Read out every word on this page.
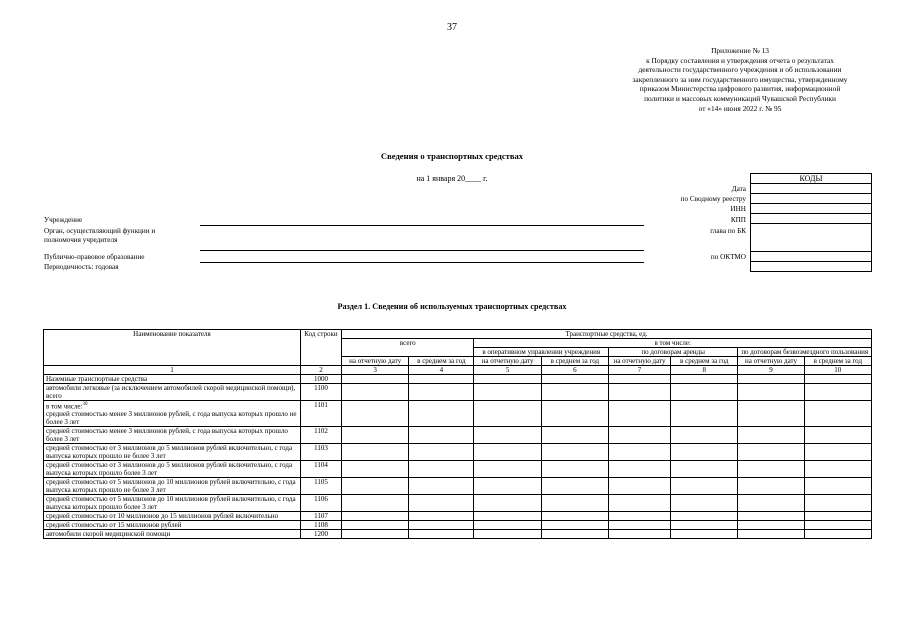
37
Приложение № 13
к Порядку составления и утверждения отчета о результатах
деятельности государственного учреждения и об использовании
закрепленного за ним государственного имущества, утвержденному
приказом Министерства цифрового развития, информационной
политики и массовых коммуникаций Чувашской Республики
от «14» июня 2022 г. № 95
Сведения о транспортных средствах
на 1 января 20____ г.	КОДЫ

Дата
по Сводному реестру
ИНН
КПП
глава по БК
по ОКТМО
Учреждение
Орган, осуществляющий функции и
полномочия учредителя
Публично-правовое образование
Периодичность: годовая
Раздел 1. Сведения об используемых транспортных средствах
Наименование показателя	Код строки	Транспортные средства, ед.							
		всего		в том числе:					
				в оперативном управлении учреждения		по договорам аренды		по договорам безвозмездного пользования	
		на отчетную дату	в среднем за год	на отчетную дату	в среднем за год	на отчетную дату	в среднем за год	на отчетную дату	в среднем за год
1	2	3	4	5	6	7	8	9	10

Наземные транспортные средства	1000								

автомобили легковые (за исключением автомобилей скорой медицинской помощи), всего	1100								

в том числе:$^{30}$
средней стоимостью менее 3 миллионов рублей, с года выпуска которых прошло не более 3 лет	1101								

средней стоимостью менее 3 миллионов рублей, с года выпуска которых прошло более 3 лет	1102								

средней стоимостью от 3 миллионов до 5 миллионов рублей включительно, с года выпуска которых прошло не более 3 лет	1103								

средней стоимостью от 3 миллионов до 5 миллионов рублей включительно, с года выпуска которых прошло более 3 лет	1104								

средней стоимостью от 5 миллионов до 10 миллионов рублей включительно, с года выпуска которых прошло не более 3 лет	1105								

средней стоимостью от 5 миллионов до 10 миллионов рублей включительно, с года выпуска которых прошло более 3 лет	1106								

средней стоимостью от 10 миллионов до 15 миллионов рублей включительно	1107								

средней стоимостью от 15 миллионов рублей	1108								

автомобили скорой медицинской помощи	1200								
